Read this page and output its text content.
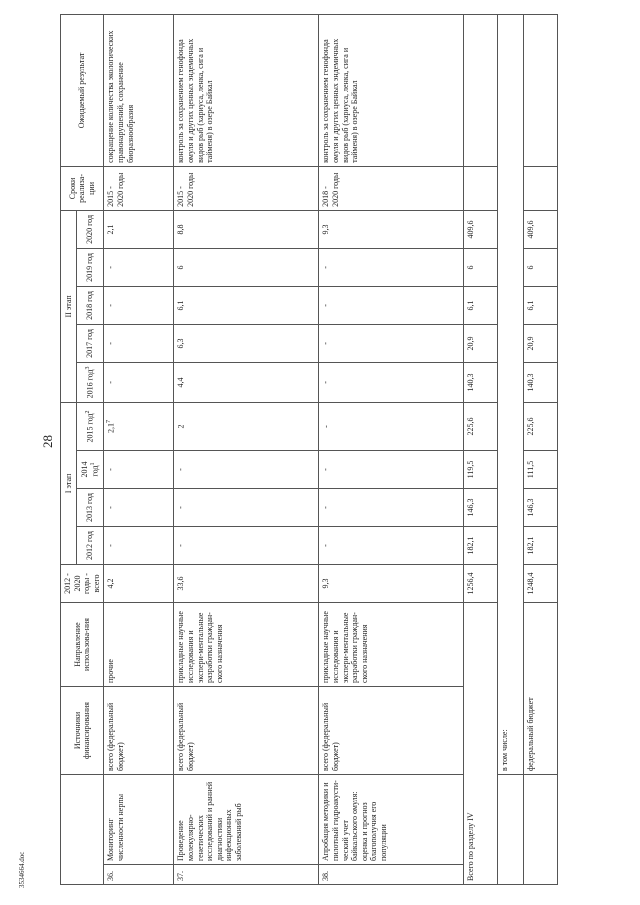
28
3534664.doc
		Источники финансирования	Направление использова-ния	2012 - 2020 годы - всего	I этап				II этап					Сроки реализа-ции	Ожидаемый результат
					2012 год	2013 год	2014 год$^1$	2015 год$^2$	2016 год$^3$	2017 год	2018 год	2019 год	2020 год		
36.	Мониторинг численности нерпы	всего (федеральный бюджет)	прочие	4,2	-	-	-	$2,1^7$	-	-	-	-	2,1	2015 - 2020 годы	сокращение количества экологических правонарушений, сохранение биоразнообразия
37.	Проведение молекулярно-генетических исследований и ранней диагностики инфекционных заболеваний рыб	всего (федеральный бюджет)	прикладные научные исследования и экспери-ментальные разработки граждан-ского назначения	33,6	-	-	-	2	4,4	6,3	6,1	6	8,8	2015 - 2020 годы	контроль за сохранением генофонда омуля и других ценных эндемичных видов рыб (хариуса, ленка, сига и тайменя) в озере Байкал
38.	Апробация методики и пилотный гидроакусти-ческий учет байкальского омуля: оценка и прогноз благополучия его популяции	всего (федеральный бюджет)	прикладные научные исследования и экспери-ментальные разработки граждан-ского назначения	9,3	-	-	-	-	-	-	-	-	9,3	2018 - 2020 годы	контроль за сохранением генофонда омуля и других ценных эндемичных видов рыб (хариуса, ленка, сига и тайменя) в озере Байкал
Всего по разделу IV				1256,4	182,1	146,3	119,5	225,6	140,3	20,9	6,1	6	409,6		
		в том числе:													
		федеральный бюджет		1248,4	182,1	146,3	111,5	225,6	140,3	20,9	6,1	6	409,6		
